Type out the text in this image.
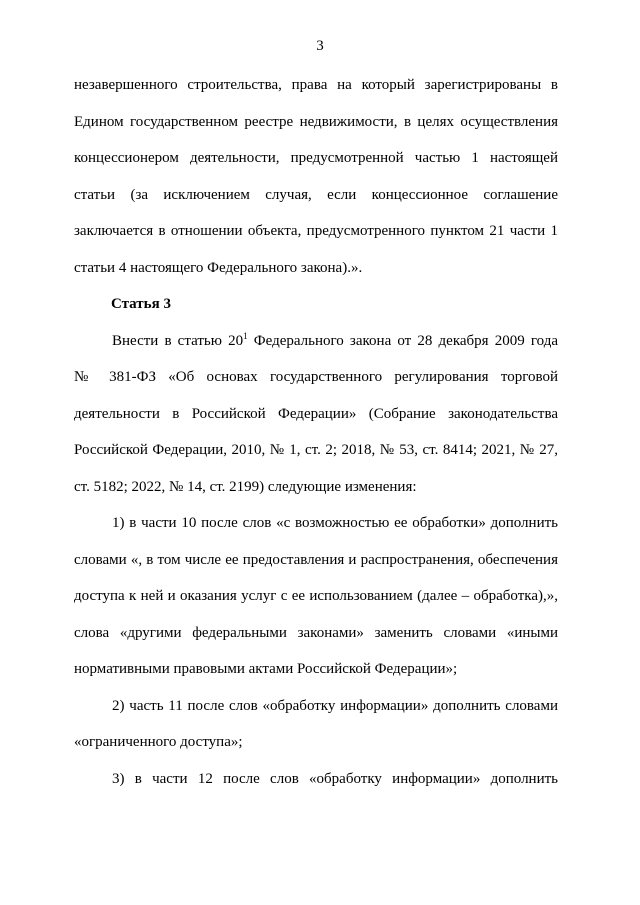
3
незавершенного строительства, права на который зарегистрированы в
Едином государственном реестре недвижимости, в целях осуществления
концессионером деятельности, предусмотренной частью 1 настоящей
статьи (за исключением случая, если концессионное соглашение
заключается в отношении объекта, предусмотренного пунктом 21 части 1
статьи 4 настоящего Федерального закона).».
Статья 3
Внести в статью $20^1$ Федерального закона от 28 декабря 2009 года
№ 381-ФЗ «Об основах государственного регулирования торговой
деятельности в Российской Федерации» (Собрание законодательства
Российской Федерации, 2010, № 1, ст. 2; 2018, № 53, ст. 8414; 2021, № 27,
ст. 5182; 2022, № 14, ст. 2199) следующие изменения:
1) в части 10 после слов «с возможностью ее обработки» дополнить
словами «, в том числе ее предоставления и распространения, обеспечения
доступа к ней и оказания услуг с ее использованием (далее – обработка),»,
слова «другими федеральными законами» заменить словами «иными
нормативными правовыми актами Российской Федерации»;
2) часть 11 после слов «обработку информации» дополнить словами
«ограниченного доступа»;
3) в части 12 после слов «обработку информации» дополнить
